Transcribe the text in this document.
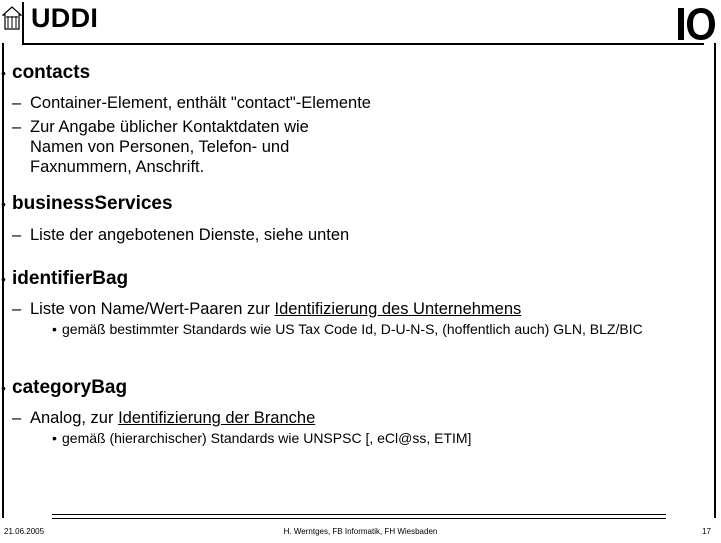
UDDI
• contacts
– Container-Element, enthält "contact"-Elemente
– Zur Angabe üblicher Kontaktdaten wie Namen von Personen, Telefon- und Faxnummern, Anschrift.
• businessServices
– Liste der angebotenen Dienste, siehe unten
• identifierBag
– Liste von Name/Wert-Paaren zur Identifizierung des Unternehmens
• gemäß bestimmter Standards wie US Tax Code Id, D-U-N-S, (hoffentlich auch) GLN, BLZ/BIC
• categoryBag
– Analog, zur Identifizierung der Branche
• gemäß (hierarchischer) Standards wie UNSPSC [, eCl@ss, ETIM]
21.06.2005	H. Werntges, FB Informatik, FH Wiesbaden	17
